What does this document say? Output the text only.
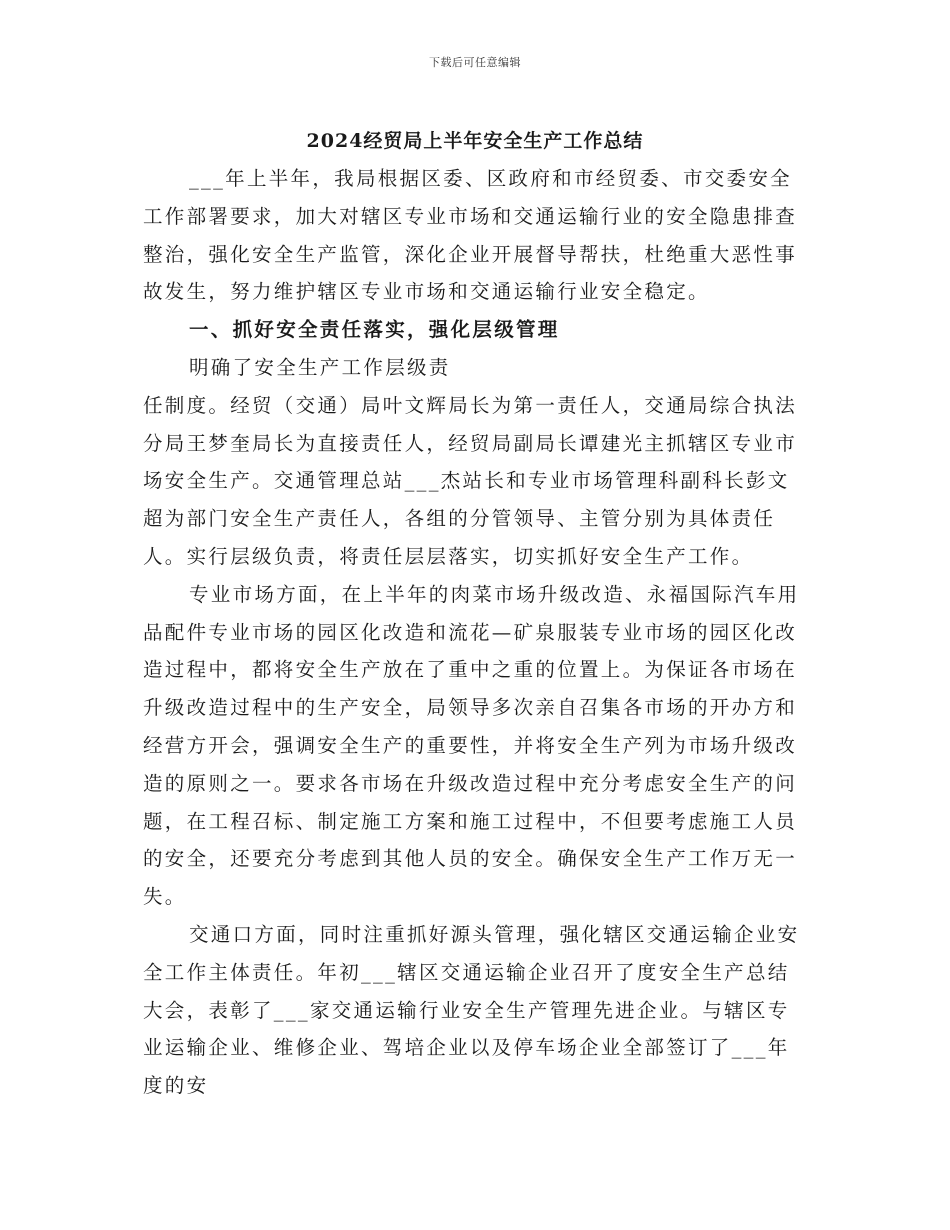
下载后可任意编辑
2024经贸局上半年安全生产工作总结

___年上半年，我局根据区委、区政府和市经贸委、市交委安全工作部署要求，加大对辖区专业市场和交通运输行业的安全隐患排查整治，强化安全生产监管，深化企业开展督导帮扶，杜绝重大恶性事故发生，努力维护辖区专业市场和交通运输行业安全稳定。

一、抓好安全责任落实，强化层级管理

明确了安全生产工作层级责

任制度。经贸（交通）局叶文辉局长为第一责任人，交通局综合执法分局王梦奎局长为直接责任人，经贸局副局长谭建光主抓辖区专业市场安全生产。交通管理总站___杰站长和专业市场管理科副科长彭文超为部门安全生产责任人，各组的分管领导、主管分别为具体责任人。实行层级负责，将责任层层落实，切实抓好安全生产工作。

专业市场方面，在上半年的肉菜市场升级改造、永福国际汽车用品配件专业市场的园区化改造和流花—矿泉服装专业市场的园区化改造过程中，都将安全生产放在了重中之重的位置上。为保证各市场在升级改造过程中的生产安全，局领导多次亲自召集各市场的开办方和经营方开会，强调安全生产的重要性，并将安全生产列为市场升级改造的原则之一。要求各市场在升级改造过程中充分考虑安全生产的问题，在工程召标、制定施工方案和施工过程中，不但要考虑施工人员的安全，还要充分考虑到其他人员的安全。确保安全生产工作万无一失。

交通口方面，同时注重抓好源头管理，强化辖区交通运输企业安全工作主体责任。年初___辖区交通运输企业召开了度安全生产总结大会，表彰了___家交通运输行业安全生产管理先进企业。与辖区专业运输企业、维修企业、驾培企业以及停车场企业全部签订了___年度的安
